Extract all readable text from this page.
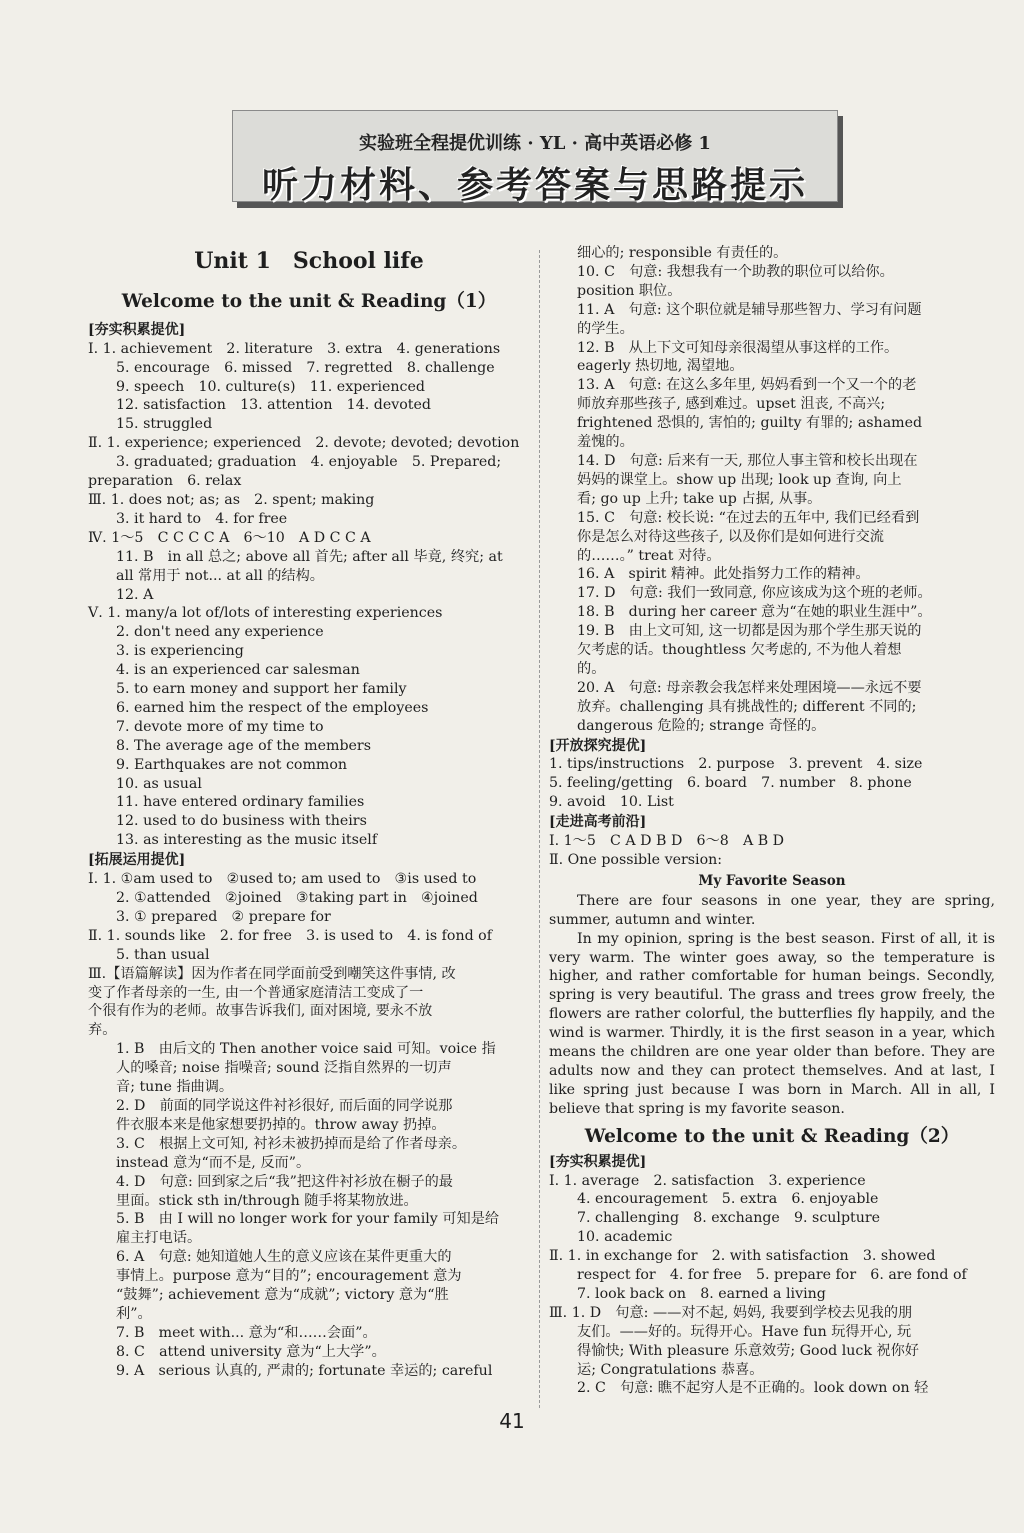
实验班全程提优训练 · YL · 高中英语必修 1
听力材料、参考答案与思路提示
Unit 1　School life
Welcome to the unit & Reading（1）
[夯实积累提优]
Ⅰ. 1. achievement　2. literature　3. extra　4. generations
5. encourage　6. missed　7. regretted　8. challenge
9. speech　10. culture(s)　11. experienced
12. satisfaction　13. attention　14. devoted
15. struggled
Ⅱ. 1. experience; experienced　2. devote; devoted; devotion
3. graduated; graduation　4. enjoyable　5. Prepared;
preparation　6. relax
Ⅲ. 1. does not; as; as　2. spent; making
3. it hard to　4. for free
Ⅳ. 1～5　C C C C A　6～10　A D C C A
11. B　in all 总之; above all 首先; after all 毕竟, 终究; at
all 常用于 not... at all 的结构。
12. A
Ⅴ. 1. many/a lot of/lots of interesting experiences
2. don't need any experience
3. is experiencing
4. is an experienced car salesman
5. to earn money and support her family
6. earned him the respect of the employees
7. devote more of my time to
8. The average age of the members
9. Earthquakes are not common
10. as usual
11. have entered ordinary families
12. used to do business with theirs
13. as interesting as the music itself
[拓展运用提优]
Ⅰ. 1. ①am used to　②used to; am used to　③is used to
2. ①attended　②joined　③taking part in　④joined
3. ① prepared　② prepare for
Ⅱ. 1. sounds like　2. for free　3. is used to　4. is fond of
5. than usual
Ⅲ.【语篇解读】因为作者在同学面前受到嘲笑这件事情, 改
变了作者母亲的一生, 由一个普通家庭清洁工变成了一
个很有作为的老师。故事告诉我们, 面对困境, 要永不放
弃。
1. B　由后文的 Then another voice said 可知。voice 指
人的嗓音; noise 指噪音; sound 泛指自然界的一切声
音; tune 指曲调。
2. D　前面的同学说这件衬衫很好, 而后面的同学说那
件衣服本来是他家想要扔掉的。throw away 扔掉。
3. C　根据上文可知, 衬衫未被扔掉而是给了作者母亲。
instead 意为“而不是, 反而”。
4. D　句意: 回到家之后“我”把这件衬衫放在橱子的最
里面。stick sth in/through 随手将某物放进。
5. B　由 I will no longer work for your family 可知是给
雇主打电话。
6. A　句意: 她知道她人生的意义应该在某件更重大的
事情上。purpose 意为“目的”; encouragement 意为
“鼓舞”; achievement 意为“成就”; victory 意为“胜
利”。
7. B　meet with... 意为“和……会面”。
8. C　attend university 意为“上大学”。
9. A　serious 认真的, 严肃的; fortunate 幸运的; careful
细心的; responsible 有责任的。
10. C　句意: 我想我有一个助教的职位可以给你。
position 职位。
11. A　句意: 这个职位就是辅导那些智力、学习有问题
的学生。
12. B　从上下文可知母亲很渴望从事这样的工作。
eagerly 热切地, 渴望地。
13. A　句意: 在这么多年里, 妈妈看到一个又一个的老
师放弃那些孩子, 感到难过。upset 沮丧, 不高兴;
frightened 恐惧的, 害怕的; guilty 有罪的; ashamed
羞愧的。
14. D　句意: 后来有一天, 那位人事主管和校长出现在
妈妈的课堂上。show up 出现; look up 查询, 向上
看; go up 上升; take up 占据, 从事。
15. C　句意: 校长说: “在过去的五年中, 我们已经看到
你是怎么对待这些孩子, 以及你们是如何进行交流
的……。” treat 对待。
16. A　spirit 精神。此处指努力工作的精神。
17. D　句意: 我们一致同意, 你应该成为这个班的老师。
18. B　during her career 意为“在她的职业生涯中”。
19. B　由上文可知, 这一切都是因为那个学生那天说的
欠考虑的话。thoughtless 欠考虑的, 不为他人着想
的。
20. A　句意: 母亲教会我怎样来处理困境——永远不要
放弃。challenging 具有挑战性的; different 不同的;
dangerous 危险的; strange 奇怪的。
[开放探究提优]
1. tips/instructions　2. purpose　3. prevent　4. size
5. feeling/getting　6. board　7. number　8. phone
9. avoid　10. List
[走进高考前沿]
Ⅰ. 1～5　C A D B D　6～8　A B D
Ⅱ. One possible version:
My Favorite Season
There are four seasons in one year, they are spring, summer, autumn and winter.
In my opinion, spring is the best season. First of all, it is very warm. The winter goes away, so the temperature is higher, and rather comfortable for human beings. Secondly, spring is very beautiful. The grass and trees grow freely, the flowers are rather colorful, the butterflies fly happily, and the wind is warmer. Thirdly, it is the first season in a year, which means the children are one year older than before. They are adults now and they can protect themselves. And at last, I like spring just because I was born in March. All in all, I believe that spring is my favorite season.
Welcome to the unit & Reading（2）
[夯实积累提优]
Ⅰ. 1. average　2. satisfaction　3. experience
4. encouragement　5. extra　6. enjoyable
7. challenging　8. exchange　9. sculpture
10. academic
Ⅱ. 1. in exchange for　2. with satisfaction　3. showed
respect for　4. for free　5. prepare for　6. are fond of
7. look back on　8. earned a living
Ⅲ. 1. D　句意: ——对不起, 妈妈, 我要到学校去见我的朋
友们。——好的。玩得开心。Have fun 玩得开心, 玩
得愉快; With pleasure 乐意效劳; Good luck 祝你好
运; Congratulations 恭喜。
2. C　句意: 瞧不起穷人是不正确的。look down on 轻
41
